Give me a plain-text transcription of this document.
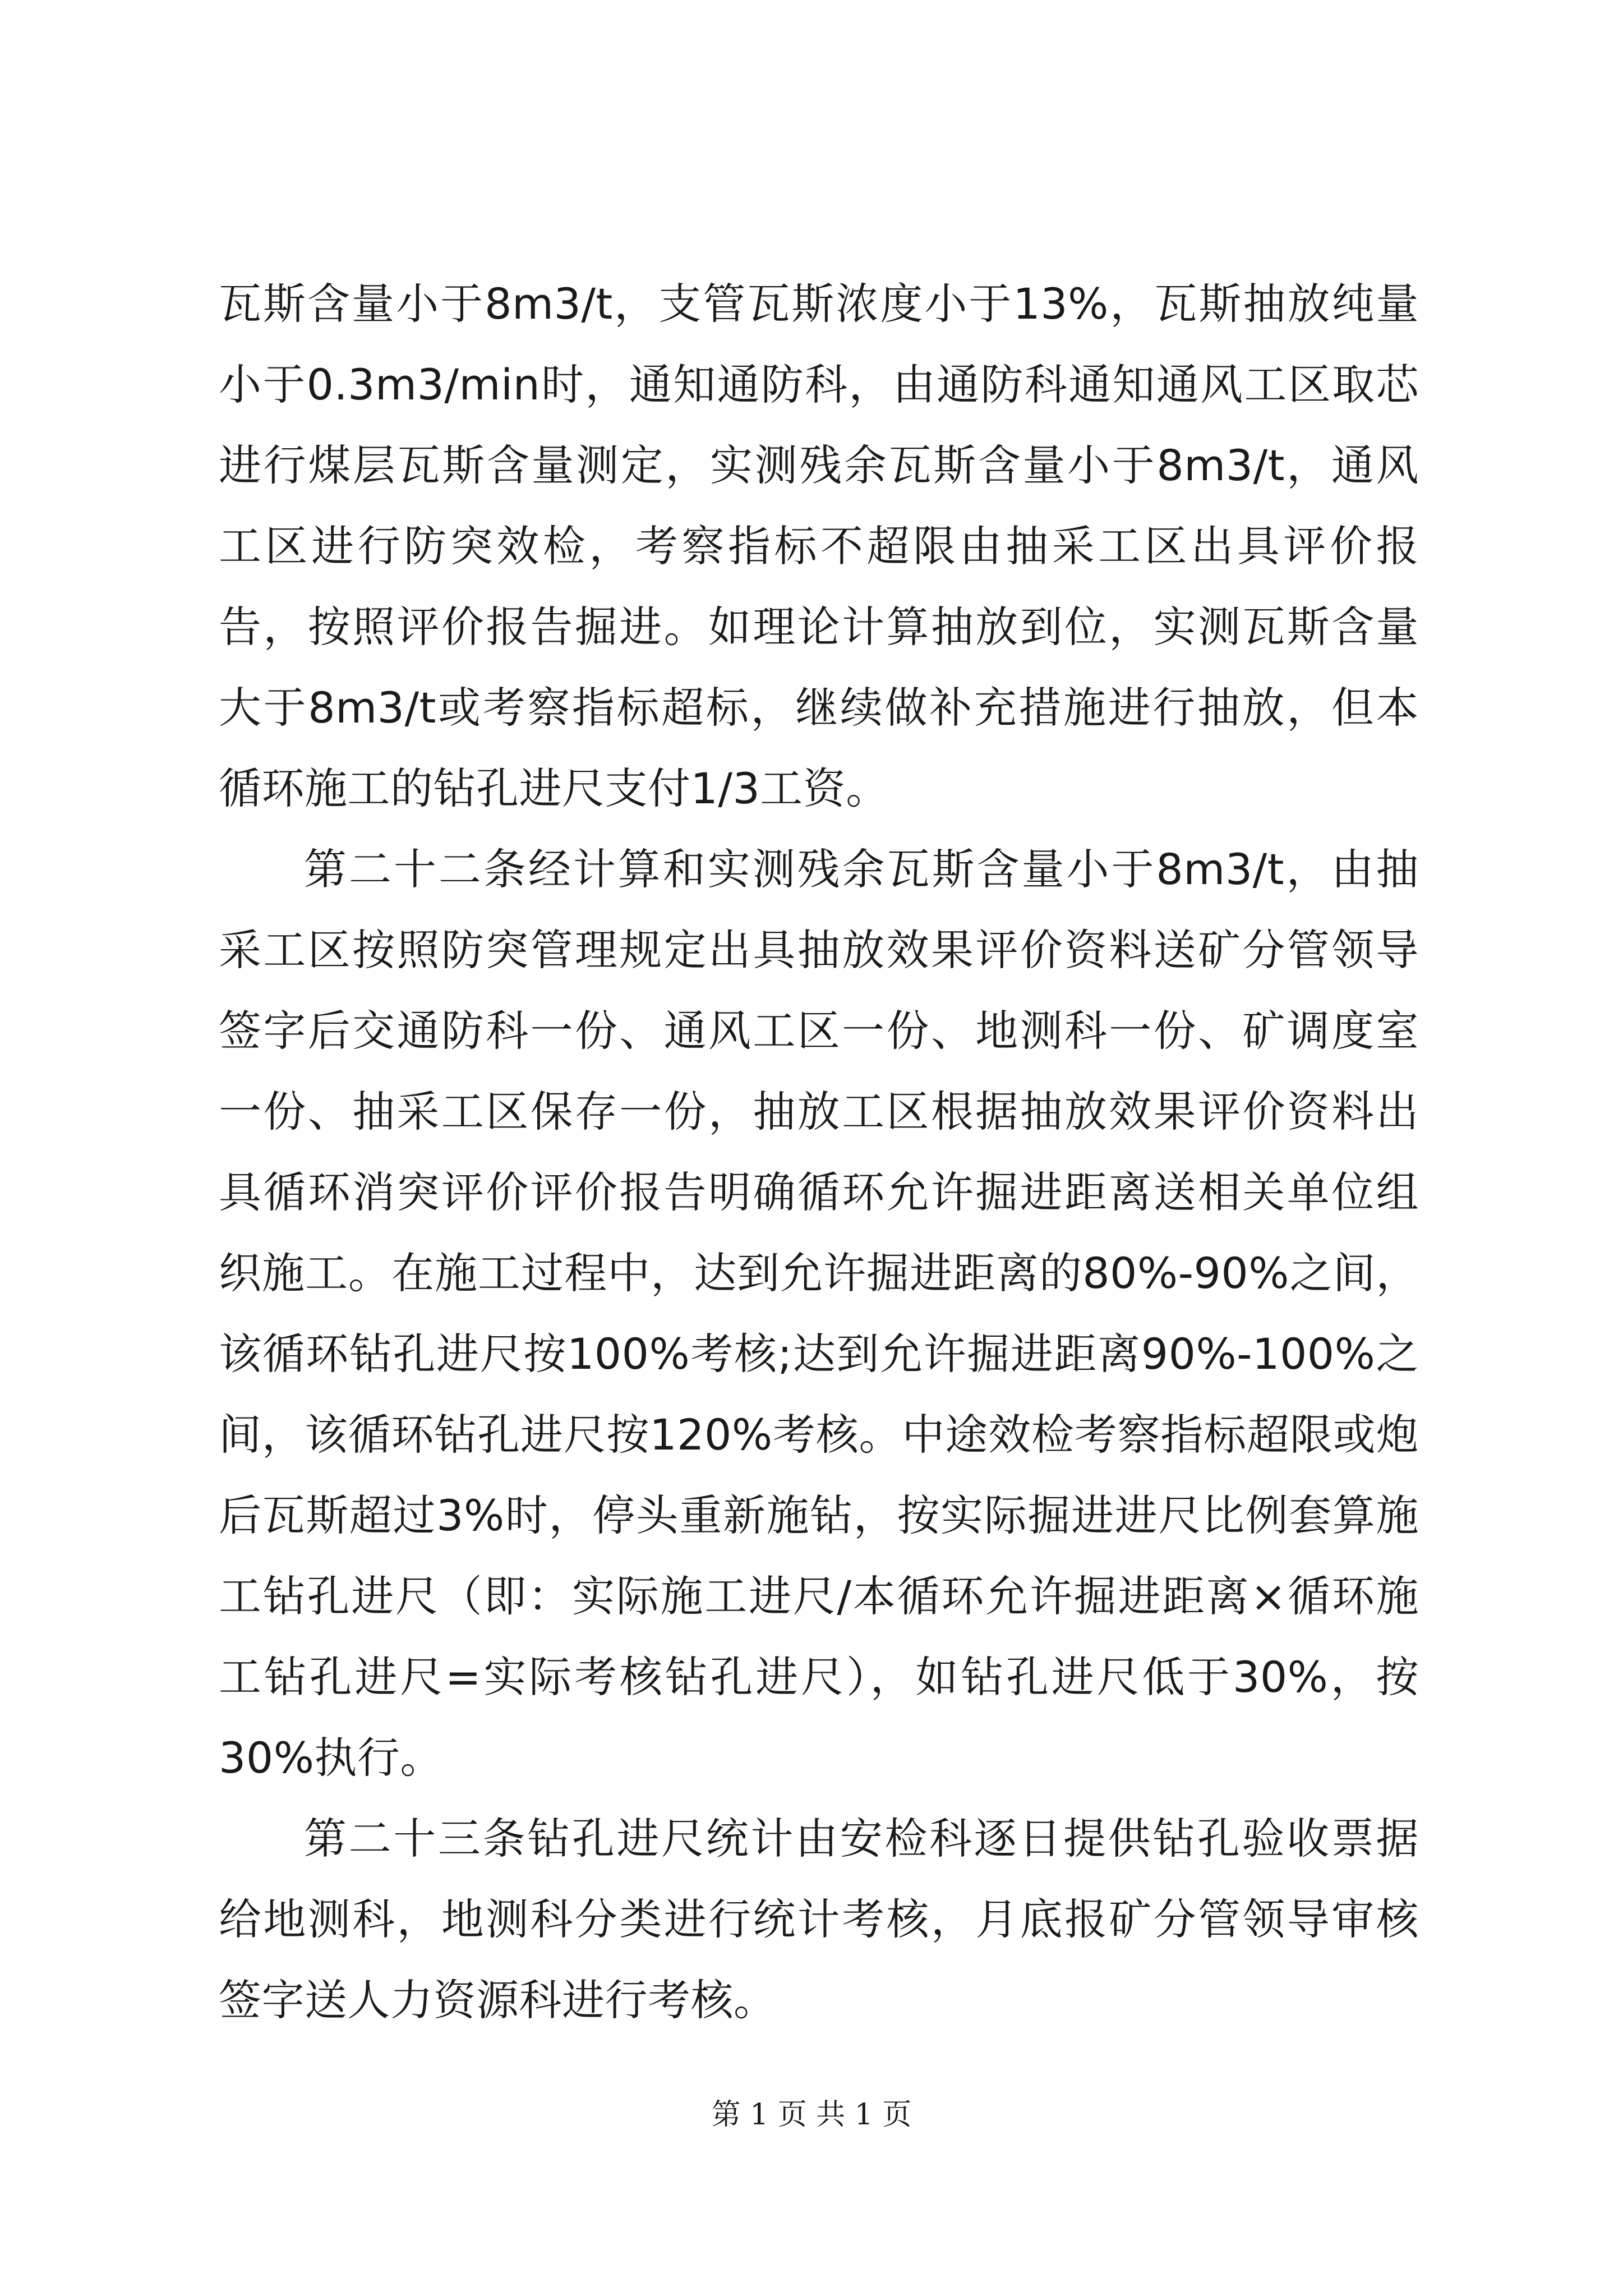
瓦斯含量小于8m3/t，支管瓦斯浓度小于13%，瓦斯抽放纯量小于0.3m3/min时，通知通防科，由通防科通知通风工区取芯进行煤层瓦斯含量测定，实测残余瓦斯含量小于8m3/t，通风工区进行防突效检，考察指标不超限由抽采工区出具评价报告，按照评价报告掘进。如理论计算抽放到位，实测瓦斯含量大于8m3/t或考察指标超标，继续做补充措施进行抽放，但本循环施工的钻孔进尺支付1/3工资。

第二十二条经计算和实测残余瓦斯含量小于8m3/t，由抽采工区按照防突管理规定出具抽放效果评价资料送矿分管领导签字后交通防科一份、通风工区一份、地测科一份、矿调度室一份、抽采工区保存一份，抽放工区根据抽放效果评价资料出具循环消突评价评价报告明确循环允许掘进距离送相关单位组织施工。在施工过程中，达到允许掘进距离的80%-90%之间，该循环钻孔进尺按100%考核;达到允许掘进距离90%-100%之间，该循环钻孔进尺按120%考核。中途效检考察指标超限或炮后瓦斯超过3%时，停头重新施钻，按实际掘进进尺比例套算施工钻孔进尺（即：实际施工进尺/本循环允许掘进距离×循环施工钻孔进尺=实际考核钻孔进尺），如钻孔进尺低于30%，按30%执行。

第二十三条钻孔进尺统计由安检科逐日提供钻孔验收票据给地测科，地测科分类进行统计考核，月底报矿分管领导审核签字送人力资源科进行考核。

第 1 页 共 1 页
